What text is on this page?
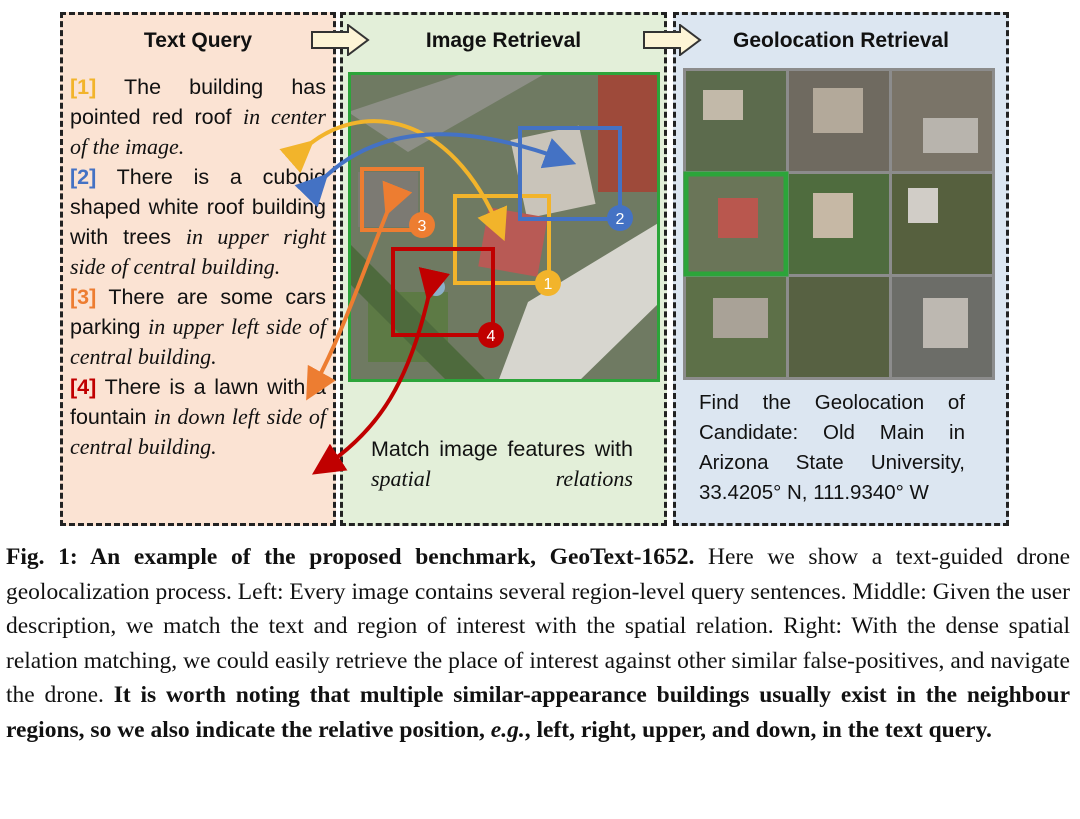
Text Query	Image Retrieval	Geolocation Retrieval

[1] The building has pointed red roof in center of the image.

[2] There is a cuboid shaped white roof building with trees in upper right side of central building.

[3] There are some cars parking in upper left side of central building.

[4] There is a lawn with a fountain in down left side of central building.

1
2
3
4
Match image features with
spatial relations
Find the Geolocation of
Candidate: Old Main in
Arizona State University,
33.4205° N, 111.9340° W
Fig. 1: An example of the proposed benchmark, GeoText-1652. Here we show a text-guided drone geolocalization process. Left: Every image contains several region-level query sentences. Middle: Given the user description, we match the text and region of interest with the spatial relation. Right: With the dense spatial relation matching, we could easily retrieve the place of interest against other similar false-positives, and navigate the drone. It is worth noting that multiple similar-appearance buildings usually exist in the neighbour regions, so we also indicate the relative position, e.g., left, right, upper, and down, in the text query.
